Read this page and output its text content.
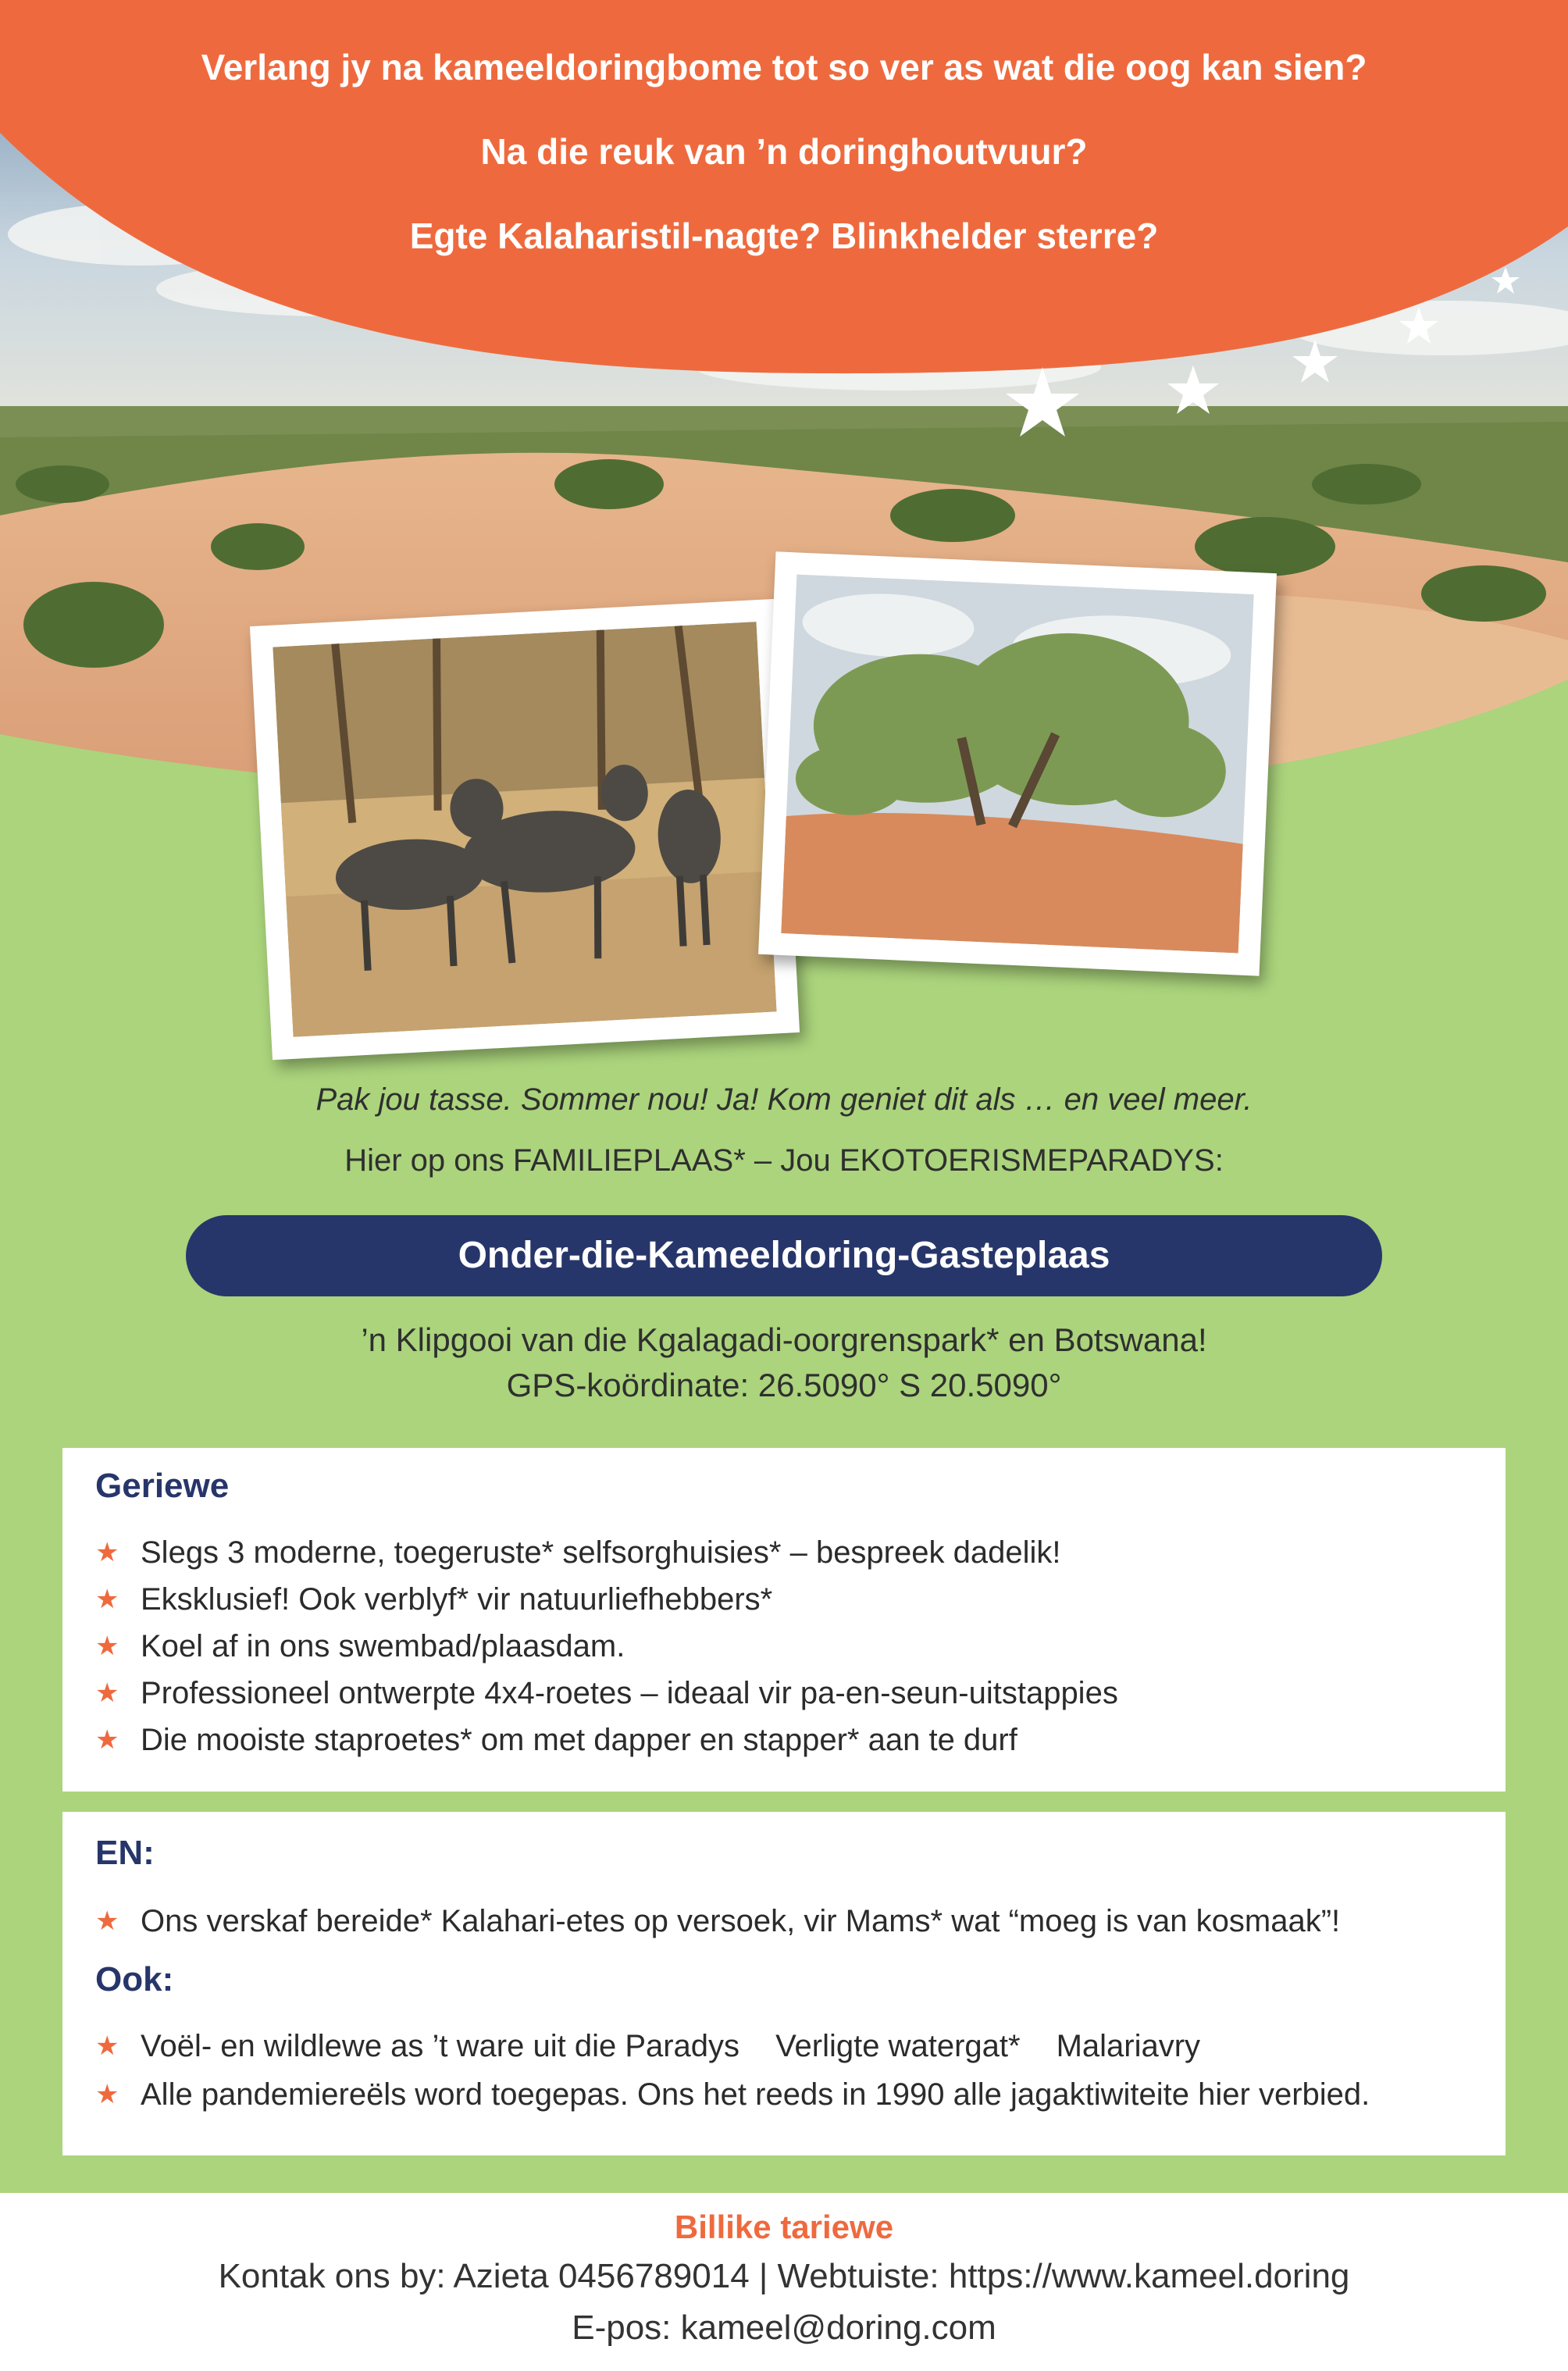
Verlang jy na kameeldoringbome tot so ver as wat die oog kan sien?
Na die reuk van ’n doringhoutvuur?
Egte Kalaharistil-nagte? Blinkhelder sterre?
Pak jou tasse. Sommer nou! Ja! Kom geniet dit als … en veel meer.
Hier op ons FAMILIEPLAAS* – Jou EKOTOERISMEPARADYS:
Onder-die-Kameeldoring-Gasteplaas
’n Klipgooi van die Kgalagadi-oorgrenspark* en Botswana!
GPS-koördinate: 26.5090° S 20.5090°
Geriewe
★ Slegs 3 moderne, toegeruste* selfsorghuisies* – bespreek dadelik!
★ Eksklusief! Ook verblyf* vir natuurliefhebbers*
★ Koel af in ons swembad/plaasdam.
★ Professioneel ontwerpte 4x4-roetes – ideaal vir pa-en-seun-uitstappies
★ Die mooiste staproetes* om met dapper en stapper* aan te durf
EN:
★ Ons verskaf bereide* Kalahari-etes op versoek, vir Mams* wat “moeg is van kosmaak”!
Ook:
★ Voël- en wildlewe as ’t ware uit die Paradys Verligte watergat* Malariavry
★ Alle pandemiereëls word toegepas. Ons het reeds in 1990 alle jagaktiwiteite hier verbied.
Billike tariewe
Kontak ons by: Azieta 0456789014 | Webtuiste: https://www.kameel.doring
E-pos: kameel@doring.com
